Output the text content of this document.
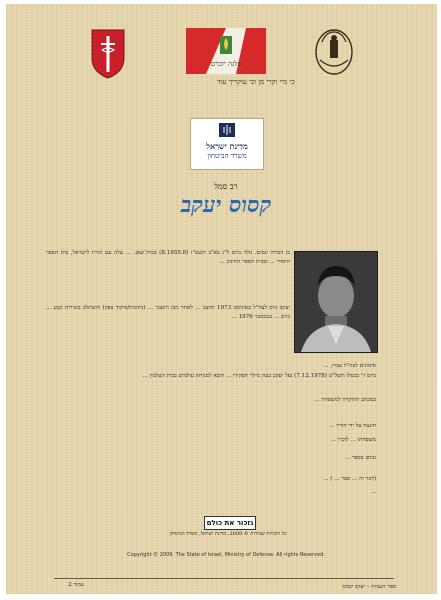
פלגה יזכרם
כי מיי וקרי מן וכי עוקריך עוד
מדינת ישראל
משרד הביטחון
רב סמל
קסוס יעקב
בן דבורה ונסים. נולד ביום ל"ג בא"ב תשט"ו (8.1955.8) בבית־שאן. ... עלה עם הוריו לישראל, בית הספר היסודי ... ובבית הספר התיכון ...
יעקב גויס לצה"ל באוגוסט 1973 והוצב ... לאחר מכן הועבר ... (נתיבות/פיקוד צפון) והשתלב בשירות קבע ... ביום ... בנובמבר 1976 ...
אימונים לצה"ל עברו, ...
ביום ד' בכסלו תשל"ט (7.12.1978) נפל יעקב בעת מילוי תפקידו ... הובא למנוחת עולמים בבית העלמין ...
במכתב ההוקרה למשפחה ...
הונצח על ידי הוריו ...
משפחתו ... לזכרו ...
נכתב בספר ...
(דבר זה ... ספר ... ) ...
...
נזכור את כולם
כל הזכויות שמורות © 2009, מדינת ישראל, משרד הביטחון
Copyright © 2009. The State of Israel, Ministry of Defense. All rights Reserved.
ספר הנצחה – יעקב קסוס
עמוד 2
